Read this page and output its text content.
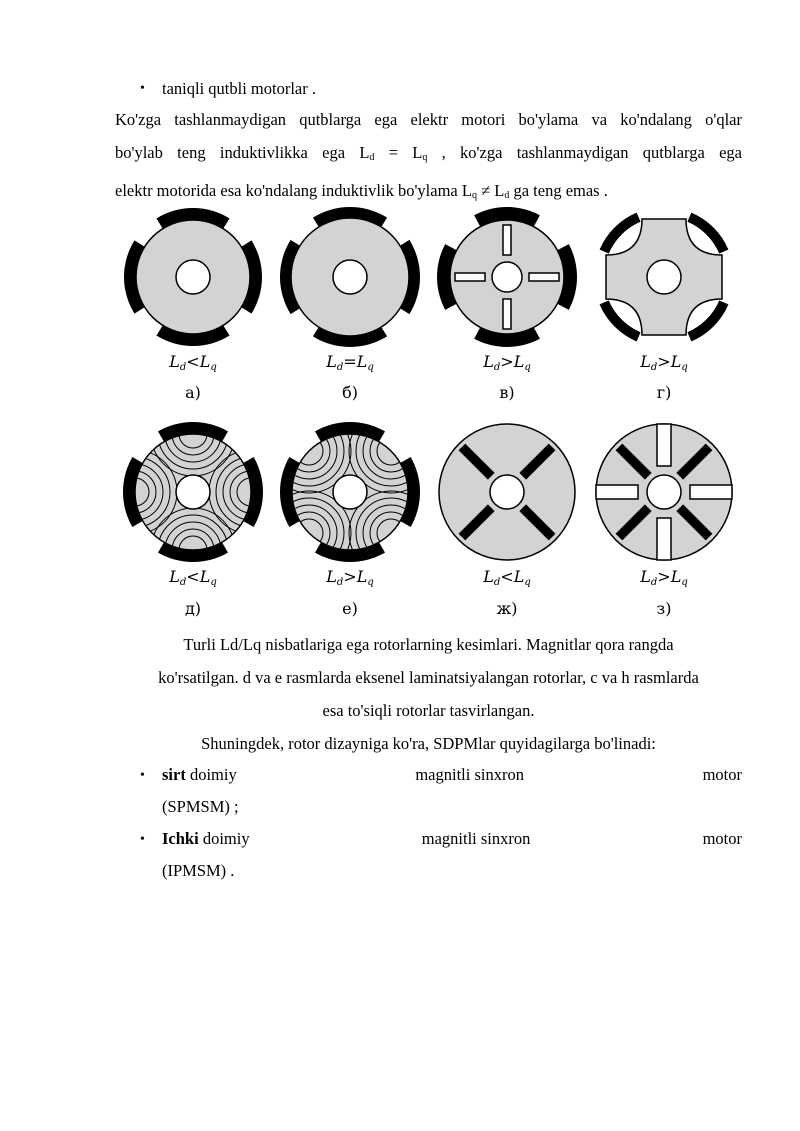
• taniqli qutbli motorlar .
Ko'zga tashlanmaydigan qutblarga ega elektr motori bo'ylama va ko'ndalang o'qlar
bo'ylab teng induktivlikka ega $L_d = L_q$ , ko'zga tashlanmaydigan qutblarga ega
elektr motorida esa ko'ndalang induktivlik bo'ylama $L_q \ne L_d$ ga teng emas .
Ld<Lq
а)
Ld=Lq
б)
Ld>Lq
в)
Ld>Lq
г)
Ld<Lq
д)
Ld>Lq
е)
Ld<Lq
ж)
Ld>Lq
з)
Turli Ld/Lq nisbatlariga ega rotorlarning kesimlari. Magnitlar qora rangda
ko'rsatilgan. d va e rasmlarda eksenel laminatsiyalangan rotorlar, c va h rasmlarda
esa to'siqli rotorlar tasvirlangan.
Shuningdek, rotor dizayniga ko'ra, SDPMlar quyidagilarga bo'linadi:
• sirt doimiy	magnitli sinxron	motor
(SPMSM) ;
• Ichki doimiy	magnitli sinxron	motor
(IPMSM) .
